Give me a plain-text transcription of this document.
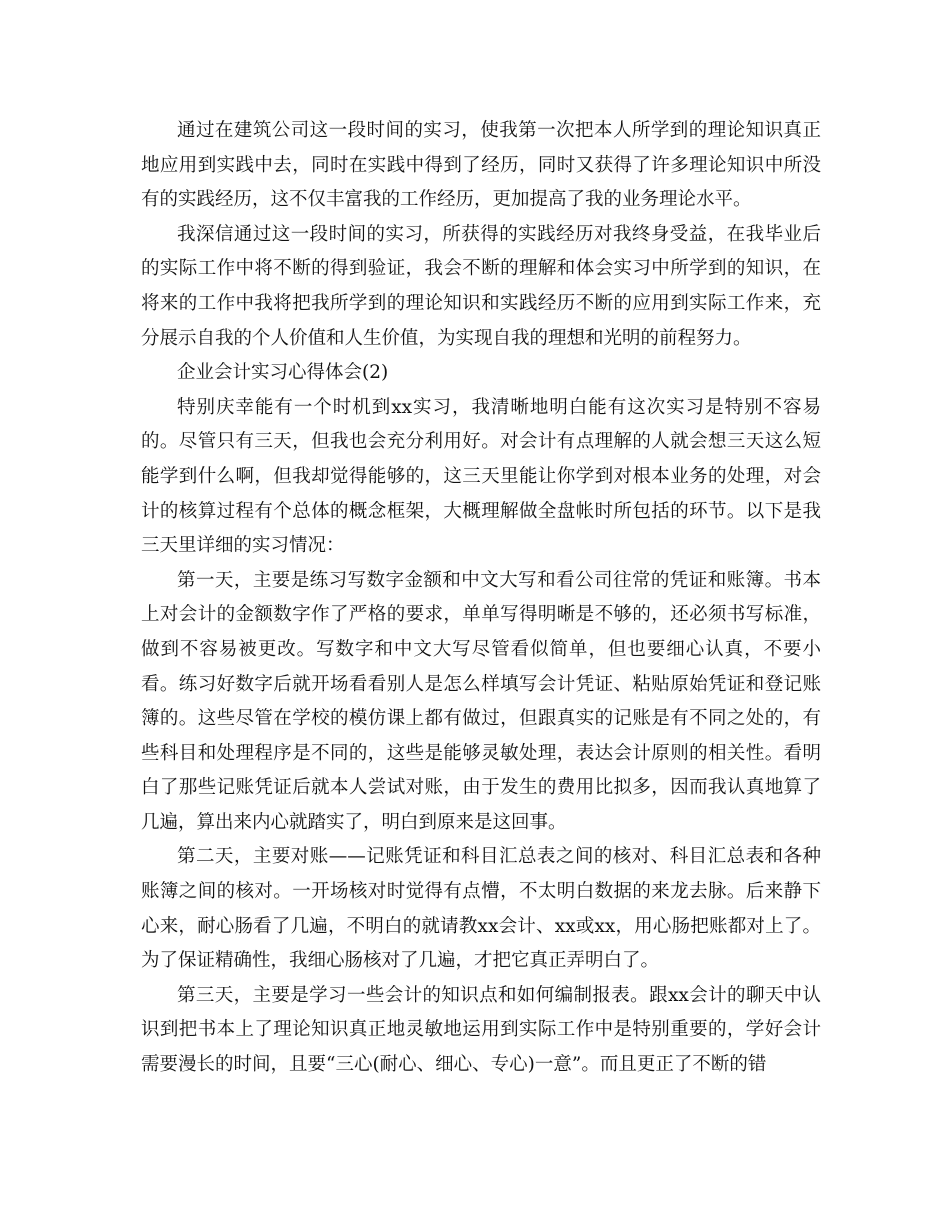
通过在建筑公司这一段时间的实习，使我第一次把本人所学到的理论知识真正地应用到实践中去，同时在实践中得到了经历，同时又获得了许多理论知识中所没有的实践经历，这不仅丰富我的工作经历，更加提高了我的业务理论水平。

我深信通过这一段时间的实习，所获得的实践经历对我终身受益，在我毕业后的实际工作中将不断的得到验证，我会不断的理解和体会实习中所学到的知识，在将来的工作中我将把我所学到的理论知识和实践经历不断的应用到实际工作来，充分展示自我的个人价值和人生价值，为实现自我的理想和光明的前程努力。

企业会计实习心得体会(2)

特别庆幸能有一个时机到xx实习，我清晰地明白能有这次实习是特别不容易的。尽管只有三天，但我也会充分利用好。对会计有点理解的人就会想三天这么短能学到什么啊，但我却觉得能够的，这三天里能让你学到对根本业务的处理，对会计的核算过程有个总体的概念框架，大概理解做全盘帐时所包括的环节。以下是我三天里详细的实习情况：

第一天，主要是练习写数字金额和中文大写和看公司往常的凭证和账簿。书本上对会计的金额数字作了严格的要求，单单写得明晰是不够的，还必须书写标准，做到不容易被更改。写数字和中文大写尽管看似简单，但也要细心认真，不要小看。练习好数字后就开场看看别人是怎么样填写会计凭证、粘贴原始凭证和登记账簿的。这些尽管在学校的模仿课上都有做过，但跟真实的记账是有不同之处的，有些科目和处理程序是不同的，这些是能够灵敏处理，表达会计原则的相关性。看明白了那些记账凭证后就本人尝试对账，由于发生的费用比拟多，因而我认真地算了几遍，算出来内心就踏实了，明白到原来是这回事。

第二天，主要对账——记账凭证和科目汇总表之间的核对、科目汇总表和各种账簿之间的核对。一开场核对时觉得有点懵，不太明白数据的来龙去脉。后来静下心来，耐心肠看了几遍，不明白的就请教xx会计、xx或xx，用心肠把账都对上了。为了保证精确性，我细心肠核对了几遍，才把它真正弄明白了。

第三天，主要是学习一些会计的知识点和如何编制报表。跟xx会计的聊天中认识到把书本上了理论知识真正地灵敏地运用到实际工作中是特别重要的，学好会计需要漫长的时间，且要“三心(耐心、细心、专心)一意”。而且更正了不断的错
